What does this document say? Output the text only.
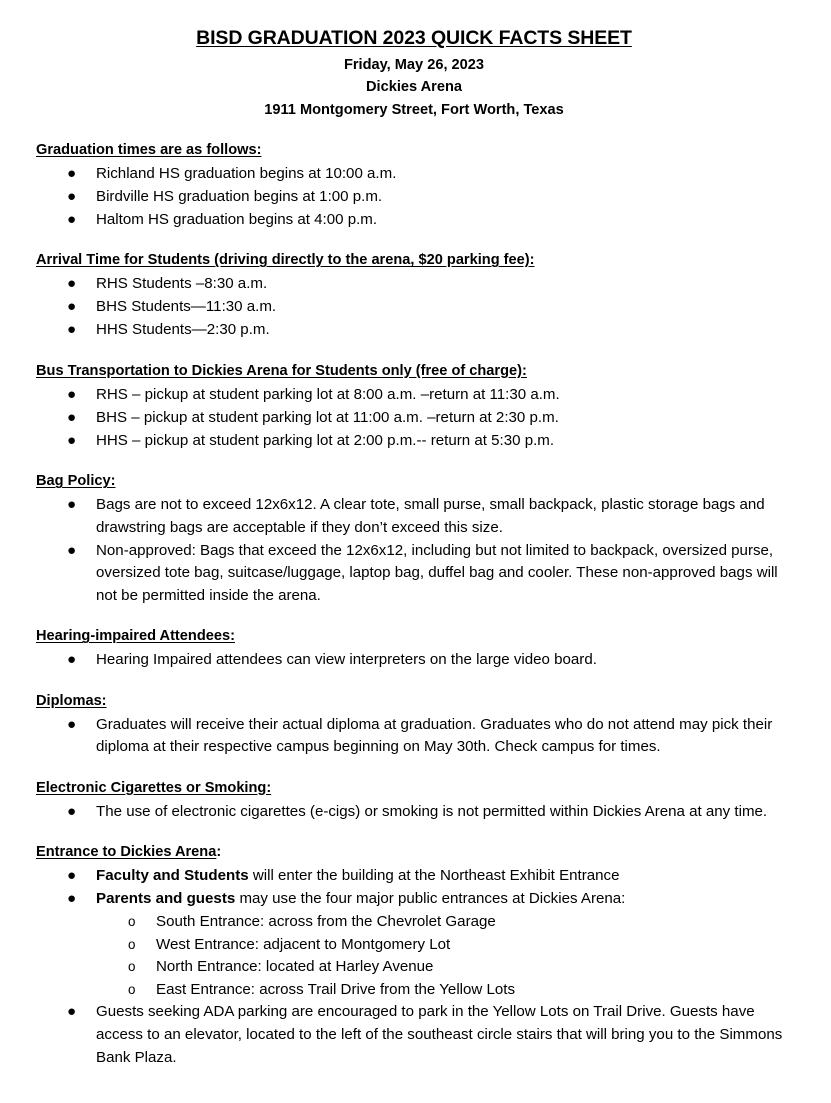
BISD GRADUATION 2023 QUICK FACTS SHEET
Friday, May 26, 2023
Dickies Arena
1911 Montgomery Street, Fort Worth, Texas
Graduation times are as follows:
●	Richland HS graduation begins at 10:00 a.m.
●	Birdville HS graduation begins at 1:00 p.m.
●	Haltom HS graduation begins at 4:00 p.m.
Arrival Time for Students (driving directly to the arena, $20 parking fee):
●	RHS Students –8:30 a.m.
●	BHS Students—11:30 a.m.
●	HHS Students—2:30 p.m.
Bus Transportation to Dickies Arena for Students only (free of charge):
●	RHS – pickup at student parking lot at 8:00 a.m. –return at 11:30 a.m.
●	BHS – pickup at student parking lot at 11:00 a.m. –return at 2:30 p.m.
●	HHS – pickup at student parking lot at 2:00 p.m.-- return at 5:30 p.m.
Bag Policy:
●	Bags are not to exceed 12x6x12. A clear tote, small purse, small backpack, plastic storage bags and drawstring bags are acceptable if they don’t exceed this size.
●	Non-approved: Bags that exceed the 12x6x12, including but not limited to backpack, oversized purse, oversized tote bag, suitcase/luggage, laptop bag, duffel bag and cooler. These non-approved bags will not be permitted inside the arena.
Hearing-impaired Attendees:
●	Hearing Impaired attendees can view interpreters on the large video board.
Diplomas:
●	Graduates will receive their actual diploma at graduation. Graduates who do not attend may pick their diploma at their respective campus beginning on May 30th. Check campus for times.
Electronic Cigarettes or Smoking:
●	The use of electronic cigarettes (e-cigs) or smoking is not permitted within Dickies Arena at any time.
Entrance to Dickies Arena:
●	Faculty and Students will enter the building at the Northeast Exhibit Entrance
●	Parents and guests may use the four major public entrances at Dickies Arena:
o	South Entrance: across from the Chevrolet Garage
o	West Entrance: adjacent to Montgomery Lot
o	North Entrance: located at Harley Avenue
o	East Entrance: across Trail Drive from the Yellow Lots
●	Guests seeking ADA parking are encouraged to park in the Yellow Lots on Trail Drive. Guests have access to an elevator, located to the left of the southeast circle stairs that will bring you to the Simmons Bank Plaza.
